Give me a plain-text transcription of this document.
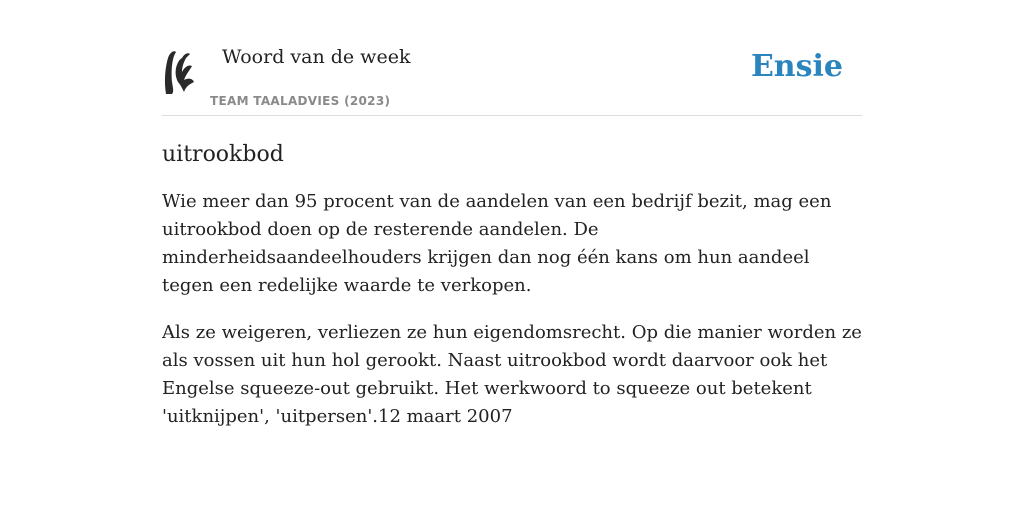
Woord van de week
TEAM TAALADVIES (2023)
Ensie
uitrookbod

Wie meer dan 95 procent van de aandelen van een bedrijf bezit, mag een uitrookbod doen op de resterende aandelen. De minderheidsaandeelhouders krijgen dan nog één kans om hun aandeel tegen een redelijke waarde te verkopen.

Als ze weigeren, verliezen ze hun eigendomsrecht. Op die manier worden ze als vossen uit hun hol gerookt. Naast uitrookbod wordt daarvoor ook het Engelse squeeze-out gebruikt. Het werkwoord to squeeze out betekent 'uitknijpen', 'uitpersen'.12 maart 2007
